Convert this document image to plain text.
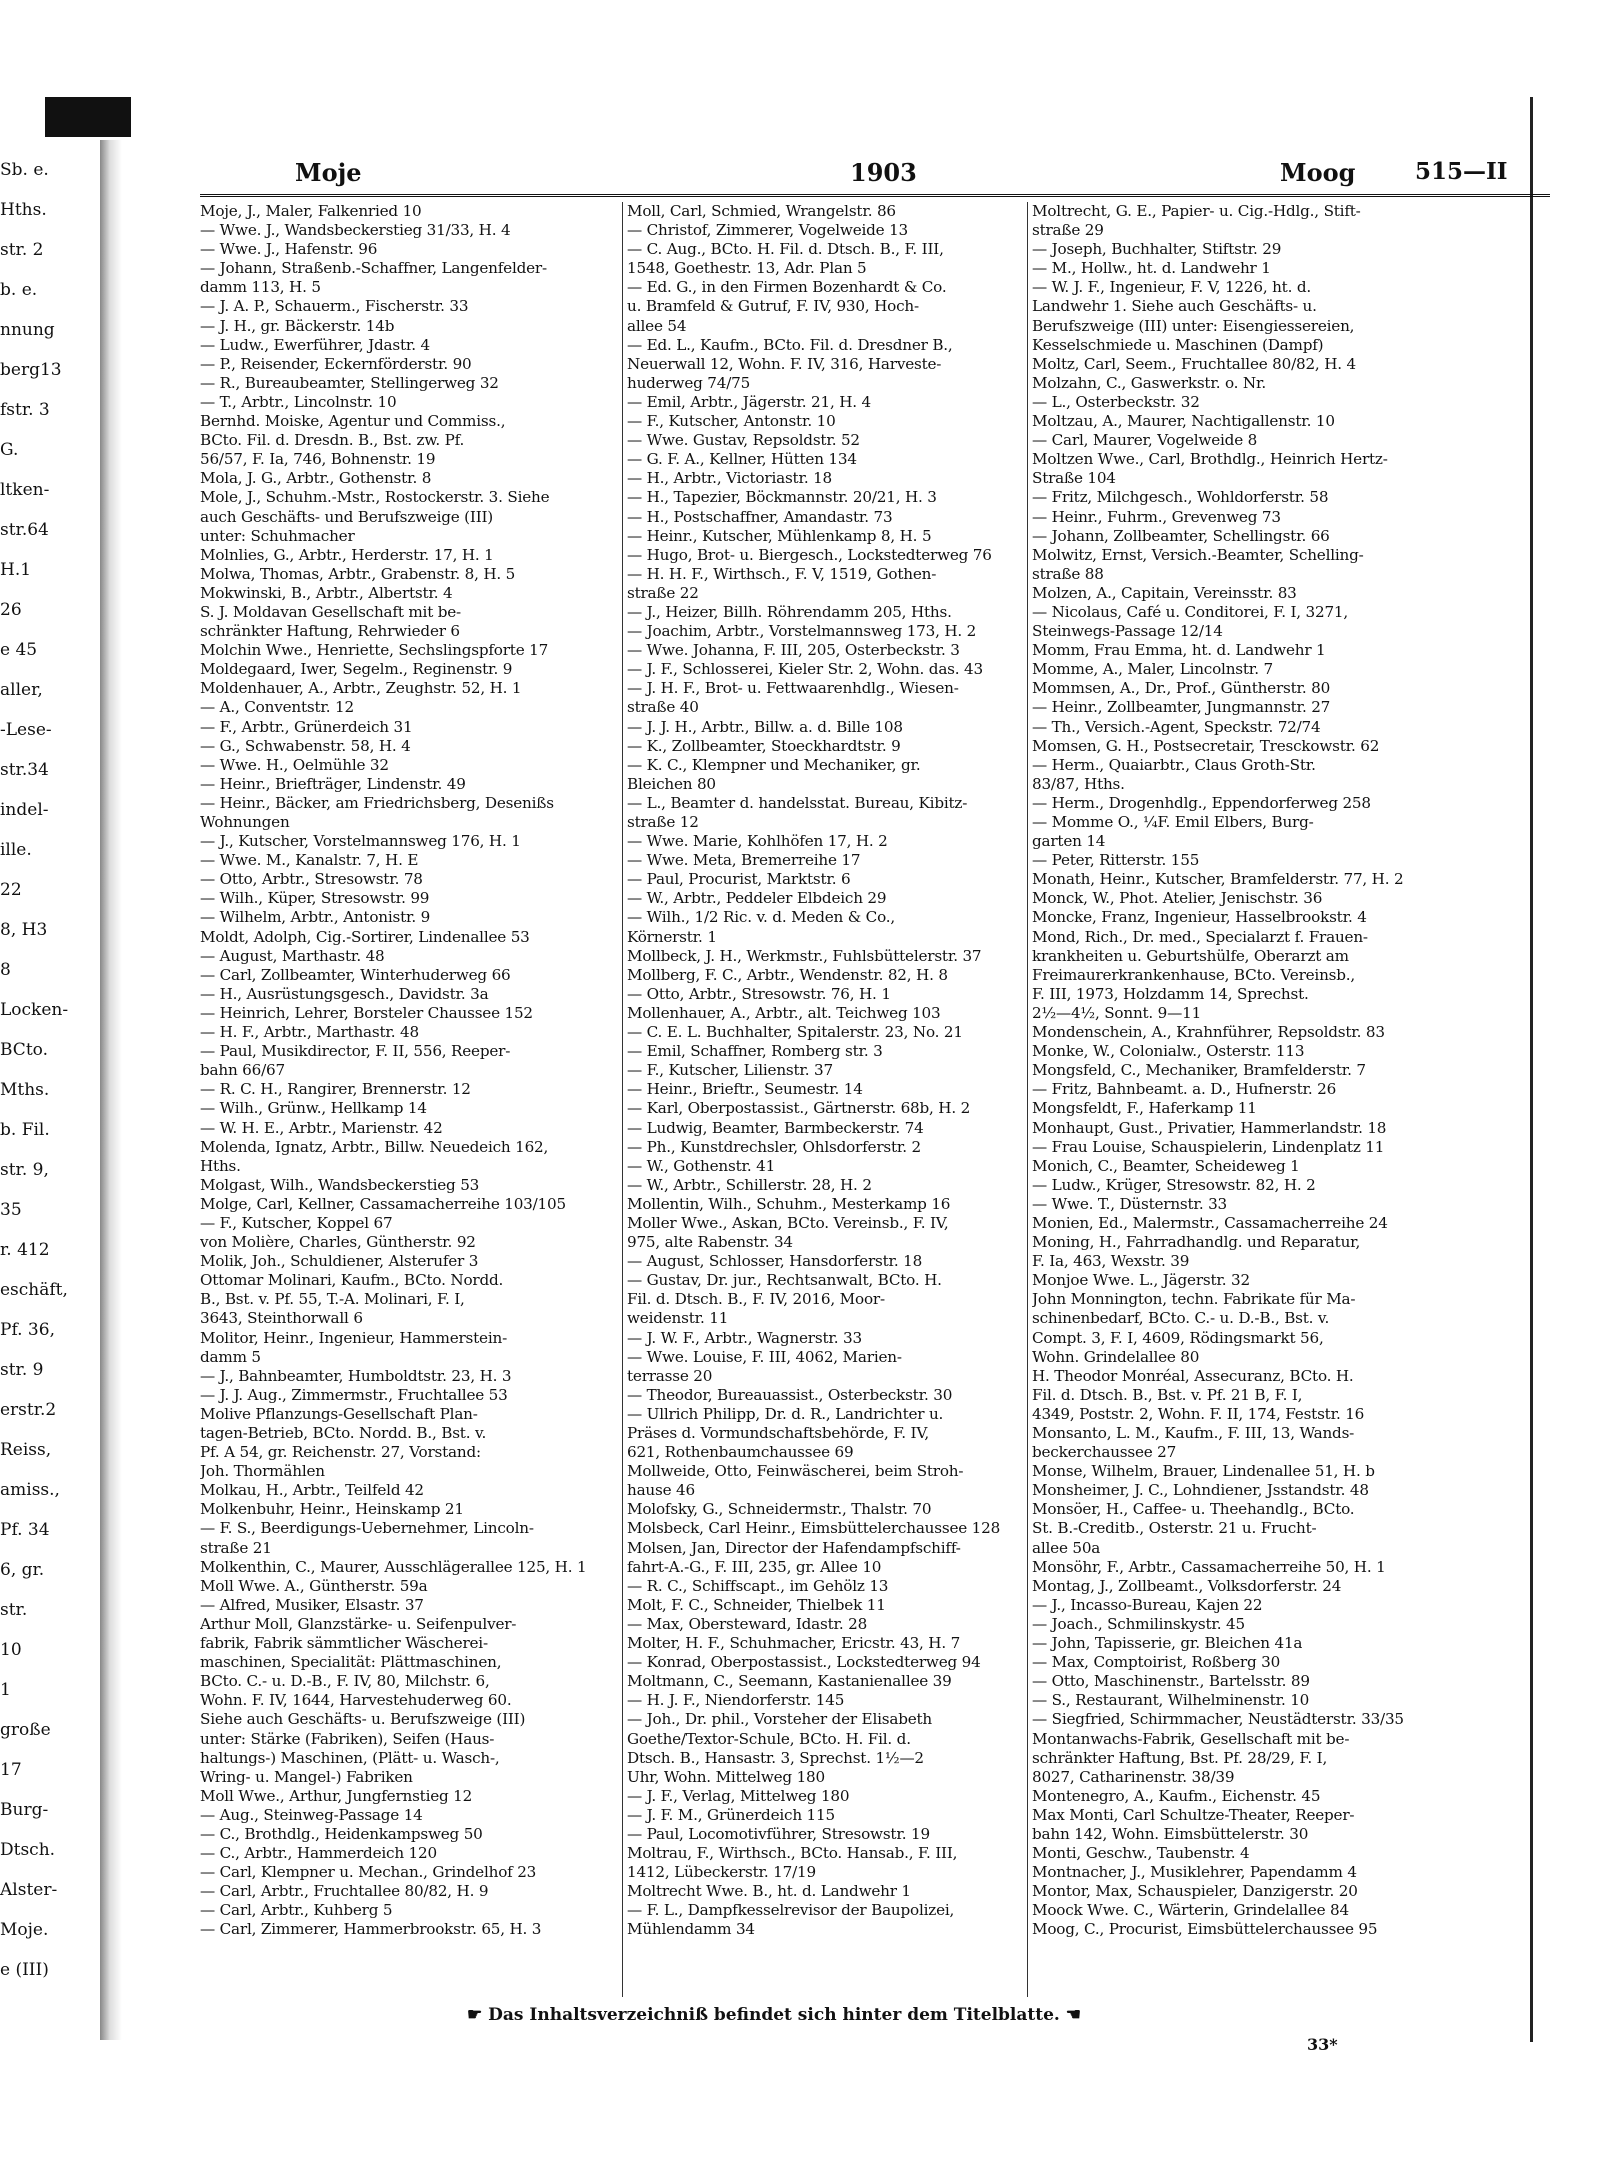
Sb. e.
Hths.
str. 2
b. e.
nnung
berg13
fstr. 3
G.
ltken-
str.64
H.1
26
e 45
aller,
-Lese-
str.34
indel-
ille.
22
8, H3
8
Locken-
BCto.
Mths.
b. Fil.
str. 9,
35
r. 412
eschäft,
Pf. 36,
str. 9
erstr.2
Reiss,
amiss.,
Pf. 34
6, gr.
str.
10
1
große
17
Burg-
Dtsch.
Alster-
Moje.
e (III)
Moje	1903	Moog	515—II
Moje, J., Maler, Falkenried 10
— Wwe. J., Wandsbeckerstieg 31/33, H. 4
— Wwe. J., Hafenstr. 96
— Johann, Straßenb.-Schaffner, Langenfelder-
damm 113, H. 5
— J. A. P., Schauerm., Fischerstr. 33
— J. H., gr. Bäckerstr. 14b
— Ludw., Ewerführer, Jdastr. 4
— P., Reisender, Eckernförderstr. 90
— R., Bureaubeamter, Stellingerweg 32
— T., Arbtr., Lincolnstr. 10
Bernhd. Moiske, Agentur und Commiss.,
BCto. Fil. d. Dresdn. B., Bst. zw. Pf.
56/57, F. Ia, 746, Bohnenstr. 19
Mola, J. G., Arbtr., Gothenstr. 8
Mole, J., Schuhm.-Mstr., Rostockerstr. 3. Siehe
auch Geschäfts- und Berufszweige (III)
unter: Schuhmacher
Molnlies, G., Arbtr., Herderstr. 17, H. 1
Molwa, Thomas, Arbtr., Grabenstr. 8, H. 5
Mokwinski, B., Arbtr., Albertstr. 4
S. J. Moldavan Gesellschaft mit be-
schränkter Haftung, Rehrwieder 6
Molchin Wwe., Henriette, Sechslingspforte 17
Moldegaard, Iwer, Segelm., Reginenstr. 9
Moldenhauer, A., Arbtr., Zeughstr. 52, H. 1
— A., Conventstr. 12
— F., Arbtr., Grünerdeich 31
— G., Schwabenstr. 58, H. 4
— Wwe. H., Oelmühle 32
— Heinr., Briefträger, Lindenstr. 49
— Heinr., Bäcker, am Friedrichsberg, Desenißs
Wohnungen
— J., Kutscher, Vorstelmannsweg 176, H. 1
— Wwe. M., Kanalstr. 7, H. E
— Otto, Arbtr., Stresowstr. 78
— Wilh., Küper, Stresowstr. 99
— Wilhelm, Arbtr., Antonistr. 9
Moldt, Adolph, Cig.-Sortirer, Lindenallee 53
— August, Marthastr. 48
— Carl, Zollbeamter, Winterhuderweg 66
— H., Ausrüstungsgesch., Davidstr. 3a
— Heinrich, Lehrer, Borsteler Chaussee 152
— H. F., Arbtr., Marthastr. 48
— Paul, Musikdirector, F. II, 556, Reeper-
bahn 66/67
— R. C. H., Rangirer, Brennerstr. 12
— Wilh., Grünw., Hellkamp 14
— W. H. E., Arbtr., Marienstr. 42
Molenda, Ignatz, Arbtr., Billw. Neuedeich 162,
Hths.
Molgast, Wilh., Wandsbeckerstieg 53
Molge, Carl, Kellner, Cassamacherreihe 103/105
— F., Kutscher, Koppel 67
von Molière, Charles, Güntherstr. 92
Molik, Joh., Schuldiener, Alsterufer 3
Ottomar Molinari, Kaufm., BCto. Nordd.
B., Bst. v. Pf. 55, T.-A. Molinari, F. I,
3643, Steinthorwall 6
Molitor, Heinr., Ingenieur, Hammerstein-
damm 5
— J., Bahnbeamter, Humboldtstr. 23, H. 3
— J. J. Aug., Zimmermstr., Fruchtallee 53
Molive Pflanzungs-Gesellschaft Plan-
tagen-Betrieb, BCto. Nordd. B., Bst. v.
Pf. A 54, gr. Reichenstr. 27, Vorstand:
Joh. Thormählen
Molkau, H., Arbtr., Teilfeld 42
Molkenbuhr, Heinr., Heinskamp 21
— F. S., Beerdigungs-Uebernehmer, Lincoln-
straße 21
Molkenthin, C., Maurer, Ausschlägerallee 125, H. 1
Moll Wwe. A., Güntherstr. 59a
— Alfred, Musiker, Elsastr. 37
Arthur Moll, Glanzstärke- u. Seifenpulver-
fabrik, Fabrik sämmtlicher Wäscherei-
maschinen, Specialität: Plättmaschinen,
BCto. C.- u. D.-B., F. IV, 80, Milchstr. 6,
Wohn. F. IV, 1644, Harvestehuderweg 60.
Siehe auch Geschäfts- u. Berufszweige (III)
unter: Stärke (Fabriken), Seifen (Haus-
haltungs-) Maschinen, (Plätt- u. Wasch-,
Wring- u. Mangel-) Fabriken
Moll Wwe., Arthur, Jungfernstieg 12
— Aug., Steinweg-Passage 14
— C., Brothdlg., Heidenkampsweg 50
— C., Arbtr., Hammerdeich 120
— Carl, Klempner u. Mechan., Grindelhof 23
— Carl, Arbtr., Fruchtallee 80/82, H. 9
— Carl, Arbtr., Kuhberg 5
— Carl, Zimmerer, Hammerbrookstr. 65, H. 3
Moll, Carl, Schmied, Wrangelstr. 86
— Christof, Zimmerer, Vogelweide 13
— C. Aug., BCto. H. Fil. d. Dtsch. B., F. III,
1548, Goethestr. 13, Adr. Plan 5
— Ed. G., in den Firmen Bozenhardt & Co.
u. Bramfeld & Gutruf, F. IV, 930, Hoch-
allee 54
— Ed. L., Kaufm., BCto. Fil. d. Dresdner B.,
Neuerwall 12, Wohn. F. IV, 316, Harveste-
huderweg 74/75
— Emil, Arbtr., Jägerstr. 21, H. 4
— F., Kutscher, Antonstr. 10
— Wwe. Gustav, Repsoldstr. 52
— G. F. A., Kellner, Hütten 134
— H., Arbtr., Victoriastr. 18
— H., Tapezier, Böckmannstr. 20/21, H. 3
— H., Postschaffner, Amandastr. 73
— Heinr., Kutscher, Mühlenkamp 8, H. 5
— Hugo, Brot- u. Biergesch., Lockstedterweg 76
— H. H. F., Wirthsch., F. V, 1519, Gothen-
straße 22
— J., Heizer, Billh. Röhrendamm 205, Hths.
— Joachim, Arbtr., Vorstelmannsweg 173, H. 2
— Wwe. Johanna, F. III, 205, Osterbeckstr. 3
— J. F., Schlosserei, Kieler Str. 2, Wohn. das. 43
— J. H. F., Brot- u. Fettwaarenhdlg., Wiesen-
straße 40
— J. J. H., Arbtr., Billw. a. d. Bille 108
— K., Zollbeamter, Stoeckhardtstr. 9
— K. C., Klempner und Mechaniker, gr.
Bleichen 80
— L., Beamter d. handelsstat. Bureau, Kibitz-
straße 12
— Wwe. Marie, Kohlhöfen 17, H. 2
— Wwe. Meta, Bremerreihe 17
— Paul, Procurist, Marktstr. 6
— W., Arbtr., Peddeler Elbdeich 29
— Wilh., 1/2 Ric. v. d. Meden & Co.,
Körnerstr. 1
Mollbeck, J. H., Werkmstr., Fuhlsbüttelerstr. 37
Mollberg, F. C., Arbtr., Wendenstr. 82, H. 8
— Otto, Arbtr., Stresowstr. 76, H. 1
Mollenhauer, A., Arbtr., alt. Teichweg 103
— C. E. L. Buchhalter, Spitalerstr. 23, No. 21
— Emil, Schaffner, Romberg str. 3
— F., Kutscher, Lilienstr. 37
— Heinr., Brieftr., Seumestr. 14
— Karl, Oberpostassist., Gärtnerstr. 68b, H. 2
— Ludwig, Beamter, Barmbeckerstr. 74
— Ph., Kunstdrechsler, Ohlsdorferstr. 2
— W., Gothenstr. 41
— W., Arbtr., Schillerstr. 28, H. 2
Mollentin, Wilh., Schuhm., Mesterkamp 16
Moller Wwe., Askan, BCto. Vereinsb., F. IV,
975, alte Rabenstr. 34
— August, Schlosser, Hansdorferstr. 18
— Gustav, Dr. jur., Rechtsanwalt, BCto. H.
Fil. d. Dtsch. B., F. IV, 2016, Moor-
weidenstr. 11
— J. W. F., Arbtr., Wagnerstr. 33
— Wwe. Louise, F. III, 4062, Marien-
terrasse 20
— Theodor, Bureauassist., Osterbeckstr. 30
— Ullrich Philipp, Dr. d. R., Landrichter u.
Präses d. Vormundschaftsbehörde, F. IV,
621, Rothenbaumchaussee 69
Mollweide, Otto, Feinwäscherei, beim Stroh-
hause 46
Molofsky, G., Schneidermstr., Thalstr. 70
Molsbeck, Carl Heinr., Eimsbüttelerchaussee 128
Molsen, Jan, Director der Hafendampfschiff-
fahrt-A.-G., F. III, 235, gr. Allee 10
— R. C., Schiffscapt., im Gehölz 13
Molt, F. C., Schneider, Thielbek 11
— Max, Obersteward, Idastr. 28
Molter, H. F., Schuhmacher, Ericstr. 43, H. 7
— Konrad, Oberpostassist., Lockstedterweg 94
Moltmann, C., Seemann, Kastanienallee 39
— H. J. F., Niendorferstr. 145
— Joh., Dr. phil., Vorsteher der Elisabeth
Goethe/Textor-Schule, BCto. H. Fil. d.
Dtsch. B., Hansastr. 3, Sprechst. 1½—2
Uhr, Wohn. Mittelweg 180
— J. F., Verlag, Mittelweg 180
— J. F. M., Grünerdeich 115
— Paul, Locomotivführer, Stresowstr. 19
Moltrau, F., Wirthsch., BCto. Hansab., F. III,
1412, Lübeckerstr. 17/19
Moltrecht Wwe. B., ht. d. Landwehr 1
— F. L., Dampfkesselrevisor der Baupolizei,
Mühlendamm 34
Moltrecht, G. E., Papier- u. Cig.-Hdlg., Stift-
straße 29
— Joseph, Buchhalter, Stiftstr. 29
— M., Hollw., ht. d. Landwehr 1
— W. J. F., Ingenieur, F. V, 1226, ht. d.
Landwehr 1. Siehe auch Geschäfts- u.
Berufszweige (III) unter: Eisengiessereien,
Kesselschmiede u. Maschinen (Dampf)
Moltz, Carl, Seem., Fruchtallee 80/82, H. 4
Molzahn, C., Gaswerkstr. o. Nr.
— L., Osterbeckstr. 32
Moltzau, A., Maurer, Nachtigallenstr. 10
— Carl, Maurer, Vogelweide 8
Moltzen Wwe., Carl, Brothdlg., Heinrich Hertz-
Straße 104
— Fritz, Milchgesch., Wohldorferstr. 58
— Heinr., Fuhrm., Grevenweg 73
— Johann, Zollbeamter, Schellingstr. 66
Molwitz, Ernst, Versich.-Beamter, Schelling-
straße 88
Molzen, A., Capitain, Vereinsstr. 83
— Nicolaus, Café u. Conditorei, F. I, 3271,
Steinwegs-Passage 12/14
Momm, Frau Emma, ht. d. Landwehr 1
Momme, A., Maler, Lincolnstr. 7
Mommsen, A., Dr., Prof., Güntherstr. 80
— Heinr., Zollbeamter, Jungmannstr. 27
— Th., Versich.-Agent, Speckstr. 72/74
Momsen, G. H., Postsecretair, Tresckowstr. 62
— Herm., Quaiarbtr., Claus Groth-Str.
83/87, Hths.
— Herm., Drogenhdlg., Eppendorferweg 258
— Momme O., ¼F. Emil Elbers, Burg-
garten 14
— Peter, Ritterstr. 155
Monath, Heinr., Kutscher, Bramfelderstr. 77, H. 2
Monck, W., Phot. Atelier, Jenischstr. 36
Moncke, Franz, Ingenieur, Hasselbrookstr. 4
Mond, Rich., Dr. med., Specialarzt f. Frauen-
krankheiten u. Geburtshülfe, Oberarzt am
Freimaurerkrankenhause, BCto. Vereinsb.,
F. III, 1973, Holzdamm 14, Sprechst.
2½—4½, Sonnt. 9—11
Mondenschein, A., Krahnführer, Repsoldstr. 83
Monke, W., Colonialw., Osterstr. 113
Mongsfeld, C., Mechaniker, Bramfelderstr. 7
— Fritz, Bahnbeamt. a. D., Hufnerstr. 26
Mongsfeldt, F., Haferkamp 11
Monhaupt, Gust., Privatier, Hammerlandstr. 18
— Frau Louise, Schauspielerin, Lindenplatz 11
Monich, C., Beamter, Scheideweg 1
— Ludw., Krüger, Stresowstr. 82, H. 2
— Wwe. T., Düsternstr. 33
Monien, Ed., Malermstr., Cassamacherreihe 24
Moning, H., Fahrradhandlg. und Reparatur,
F. Ia, 463, Wexstr. 39
Monjoe Wwe. L., Jägerstr. 32
John Monnington, techn. Fabrikate für Ma-
schinenbedarf, BCto. C.- u. D.-B., Bst. v.
Compt. 3, F. I, 4609, Rödingsmarkt 56,
Wohn. Grindelallee 80
H. Theodor Monréal, Assecuranz, BCto. H.
Fil. d. Dtsch. B., Bst. v. Pf. 21 B, F. I,
4349, Poststr. 2, Wohn. F. II, 174, Feststr. 16
Monsanto, L. M., Kaufm., F. III, 13, Wands-
beckerchaussee 27
Monse, Wilhelm, Brauer, Lindenallee 51, H. b
Monsheimer, J. C., Lohndiener, Jsstandstr. 48
Monsöer, H., Caffee- u. Theehandlg., BCto.
St. B.-Creditb., Osterstr. 21 u. Frucht-
allee 50a
Monsöhr, F., Arbtr., Cassamacherreihe 50, H. 1
Montag, J., Zollbeamt., Volksdorferstr. 24
— J., Incasso-Bureau, Kajen 22
— Joach., Schmilinskystr. 45
— John, Tapisserie, gr. Bleichen 41a
— Max, Comptoirist, Roßberg 30
— Otto, Maschinenstr., Bartelsstr. 89
— S., Restaurant, Wilhelminenstr. 10
— Siegfried, Schirmmacher, Neustädterstr. 33/35
Montanwachs-Fabrik, Gesellschaft mit be-
schränkter Haftung, Bst. Pf. 28/29, F. I,
8027, Catharinenstr. 38/39
Montenegro, A., Kaufm., Eichenstr. 45
Max Monti, Carl Schultze-Theater, Reeper-
bahn 142, Wohn. Eimsbüttelerstr. 30
Monti, Geschw., Taubenstr. 4
Montnacher, J., Musiklehrer, Papendamm 4
Montor, Max, Schauspieler, Danzigerstr. 20
Moock Wwe. C., Wärterin, Grindelallee 84
Moog, C., Procurist, Eimsbüttelerchaussee 95
☛ Das Inhaltsverzeichniß befindet sich hinter dem Titelblatte. ☚
33*
